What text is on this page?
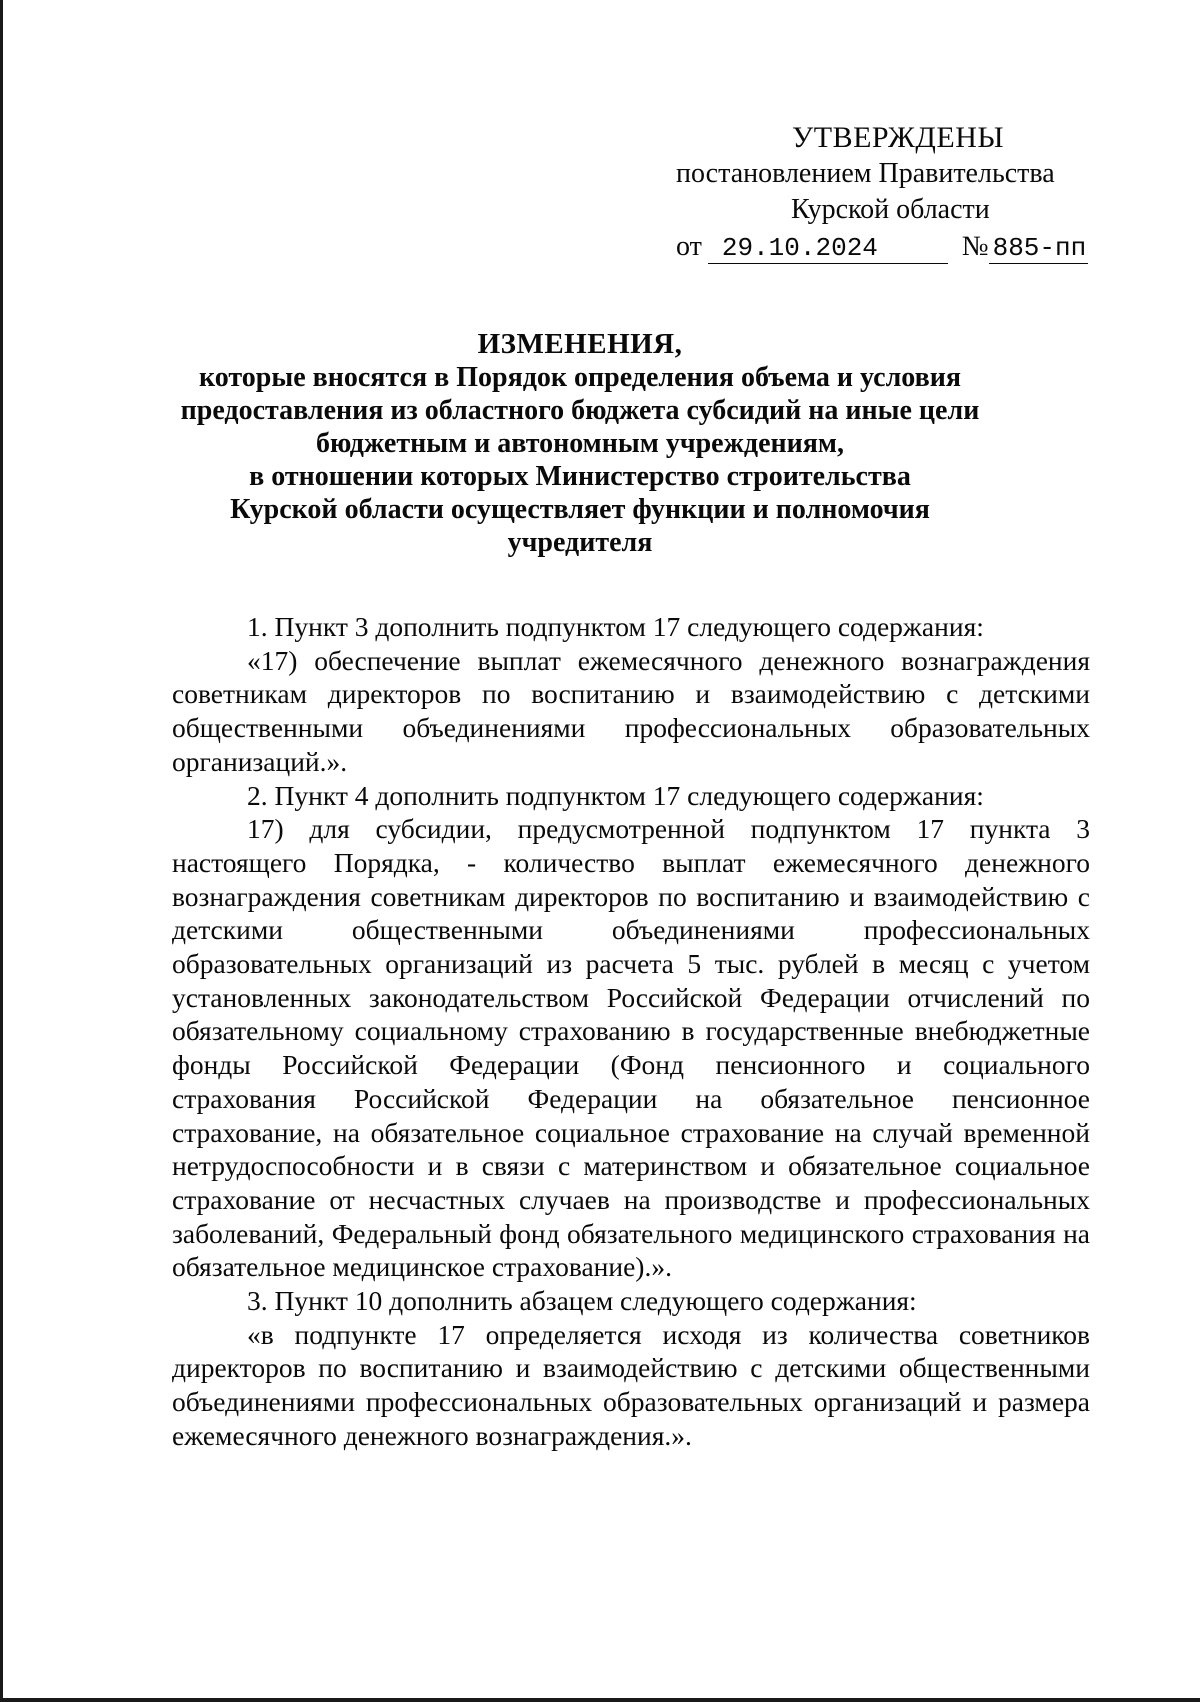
УТВЕРЖДЕНЫ
постановлением Правительства
Курской области
от 29.10.2024	№ 885-пп
ИЗМЕНЕНИЯ,
которые вносятся в Порядок определения объема и условия
предоставления из областного бюджета субсидий на иные цели
бюджетным и автономным учреждениям,
в отношении которых Министерство строительства
Курской области осуществляет функции и полномочия
учредителя

1. Пункт 3 дополнить подпунктом 17 следующего содержания:

«17) обеспечение выплат ежемесячного денежного вознаграждения советникам директоров по воспитанию и взаимодействию с детскими общественными объединениями профессиональных образовательных организаций.».

2. Пункт 4 дополнить подпунктом 17 следующего содержания:

17) для субсидии, предусмотренной подпунктом 17 пункта 3 настоящего Порядка, - количество выплат ежемесячного денежного вознаграждения советникам директоров по воспитанию и взаимодействию с детскими общественными объединениями профессиональных образовательных организаций из расчета 5 тыс. рублей в месяц с учетом установленных законодательством Российской Федерации отчислений по обязательному социальному страхованию в государственные внебюджетные фонды Российской Федерации (Фонд пенсионного и социального страхования Российской Федерации на обязательное пенсионное страхование, на обязательное социальное страхование на случай временной нетрудоспособности и в связи с материнством и обязательное социальное страхование от несчастных случаев на производстве и профессиональных заболеваний, Федеральный фонд обязательного медицинского страхования на обязательное медицинское страхование).».

3. Пункт 10 дополнить абзацем следующего содержания:

«в подпункте 17 определяется исходя из количества советников директоров по воспитанию и взаимодействию с детскими общественными объединениями профессиональных образовательных организаций и размера ежемесячного денежного вознаграждения.».
